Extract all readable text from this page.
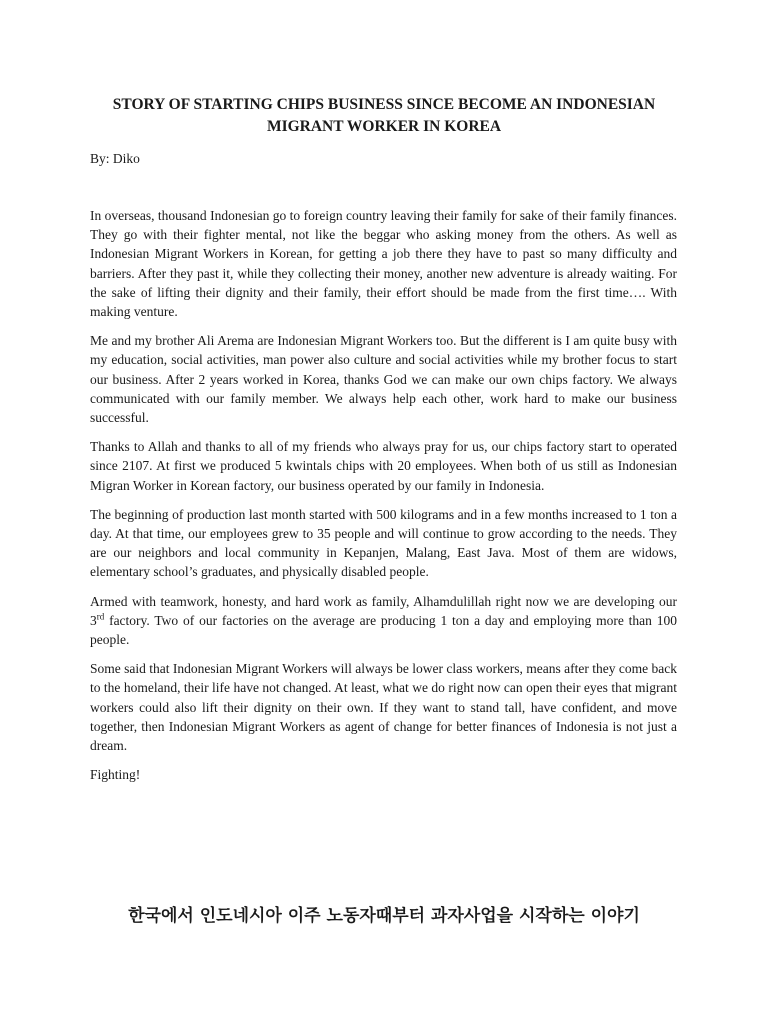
STORY OF STARTING CHIPS BUSINESS SINCE BECOME AN INDONESIAN MIGRANT WORKER IN KOREA

By: Diko

In overseas, thousand Indonesian go to foreign country leaving their family for sake of their family finances. They go with their fighter mental, not like the beggar who asking money from the others. As well as Indonesian Migrant Workers in Korean, for getting a job there they have to past so many difficulty and barriers. After they past it, while they collecting their money, another new adventure is already waiting. For the sake of lifting their dignity and their family, their effort should be made from the first time…. With making venture.

Me and my brother Ali Arema are Indonesian Migrant Workers too. But the different is I am quite busy with my education, social activities, man power also culture and social activities while my brother focus to start our business. After 2 years worked in Korea, thanks God we can make our own chips factory. We always communicated with our family member. We always help each other, work hard to make our business successful.

Thanks to Allah and thanks to all of my friends who always pray for us, our chips factory start to operated since 2107. At first we produced 5 kwintals chips with 20 employees. When both of us still as Indonesian Migran Worker in Korean factory, our business operated by our family in Indonesia.

The beginning of production last month started with 500 kilograms and in a few months increased to 1 ton a day. At that time, our employees grew to 35 people and will continue to grow according to the needs. They are our neighbors and local community in Kepanjen, Malang, East Java. Most of them are widows, elementary school’s graduates, and physically disabled people.

Armed with teamwork, honesty, and hard work as family, Alhamdulillah right now we are developing our 3rd factory. Two of our factories on the average are producing 1 ton a day and employing more than 100 people.

Some said that Indonesian Migrant Workers will always be lower class workers, means after they come back to the homeland, their life have not changed. At least, what we do right now can open their eyes that migrant workers could also lift their dignity on their own. If they want to stand tall, have confident, and move together, then Indonesian Migrant Workers as agent of change for better finances of Indonesia is not just a dream.

Fighting!

한국에서 인도네시아 이주 노동자때부터 과자사업을 시작하는 이야기
